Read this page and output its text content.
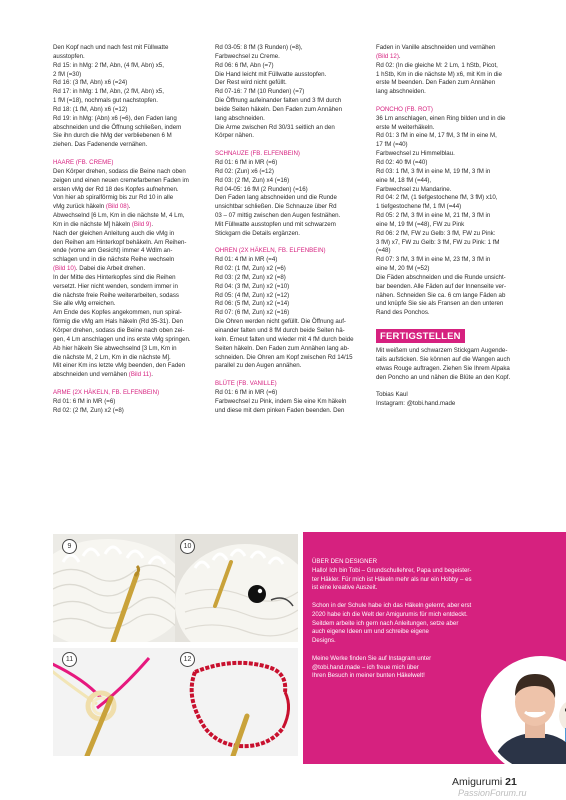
Den Kopf nach und nach fest mit Füllwatte

ausstopfen.

Rd 15: in hMg: 2 fM, Abn, (4 fM, Abn) x5,

2 fM (=30)

Rd 16: (3 fM, Abn) x6 (=24)

Rd 17: in hMg: 1 fM, Abn, (2 fM, Abn) x5,

1 fM (=18), nochmals gut nachstopfen.

Rd 18: (1 fM, Abn) x6 (=12)

Rd 19: in hMg: (Abn) x6 (=6), den Faden lang

abschneiden und die Öffnung schließen, indem

Sie ihn durch die hMg der verbliebenen 6 M

ziehen. Das Fadenende vernähen.

HAARE (FB. CREME)

Den Körper drehen, sodass die Beine nach oben

zeigen und einen neuen cremefarbenen Faden im

ersten vMg der Rd 18 des Kopfes aufnehmen.

Von hier ab spiralförmig bis zur Rd 10 in alle

vMg zurück häkeln (Bild 08).

Abwechselnd [6 Lm, Km in die nächste M, 4 Lm,

Km in die nächste M] häkeln (Bild 9).

Nach der gleichen Anleitung auch die vMg in

den Reihen am Hinterkopf behäkeln. Am Reihen-

ende (vorne am Gesicht) immer 4 Wdlm an-

schlagen und in die nächste Reihe wechseln

(Bild 10). Dabei die Arbeit drehen.

In der Mitte des Hinterkopfes sind die Reihen

versetzt. Hier nicht wenden, sondern immer in

die nächste freie Reihe weiterarbeiten, sodass

Sie alle vMg erreichen.

Am Ende des Kopfes angekommen, nun spiral-

förmig die vMg am Hals häkeln (Rd 35-31). Den

Körper drehen, sodass die Beine nach oben zei-

gen, 4 Lm anschlagen und ins erste vMg springen.

Ab hier häkeln Sie abwechselnd [3 Lm, Km in

die nächste M, 2 Lm, Km in die nächste M].

Mit einer Km ins letzte vMg beenden, den Faden

abschneiden und vernähen (Bild 11).

ARME (2X HÄKELN, FB. ELFENBEIN)

Rd 01: 6 fM in MR (=6)

Rd 02: (2 fM, Zun) x2 (=8)

Rd 03-05: 8 fM (3 Runden) (=8),

Farbwechsel zu Creme.

Rd 06: 6 fM, Abn (=7)

Die Hand leicht mit Füllwatte ausstopfen.

Der Rest wird nicht gefüllt.

Rd 07-16: 7 fM (10 Runden) (=7)

Die Öffnung aufeinander falten und 3 fM durch

beide Seiten häkeln. Den Faden zum Annähen

lang abschneiden.

Die Arme zwischen Rd 30/31 seitlich an den

Körper nähen.

SCHNAUZE (FB. ELFENBEIN)

Rd 01: 6 fM in MR (=6)

Rd 02: (Zun) x6 (=12)

Rd 03: (2 fM, Zun) x4 (=16)

Rd 04-05: 16 fM (2 Runden) (=16)

Den Faden lang abschneiden und die Runde

unsichtbar schließen. Die Schnauze über Rd

03 – 07 mittig zwischen den Augen festnähen.

Mit Füllwatte ausstopfen und mit schwarzem

Stickgarn die Details ergänzen.

OHREN (2X HÄKELN, FB. ELFENBEIN)

Rd 01: 4 fM in MR (=4)

Rd 02: (1 fM, Zun) x2 (=6)

Rd 03: (2 fM, Zun) x2 (=8)

Rd 04: (3 fM, Zun) x2 (=10)

Rd 05: (4 fM, Zun) x2 (=12)

Rd 06: (5 fM, Zun) x2 (=14)

Rd 07: (6 fM, Zun) x2 (=16)

Die Ohren werden nicht gefüllt. Die Öffnung auf-

einander falten und 8 fM durch beide Seiten hä-

keln. Erneut falten und wieder mit 4 fM durch beide

Seiten häkeln. Den Faden zum Annähen lang ab-

schneiden. Die Ohren am Kopf zwischen Rd 14/15

parallel zu den Augen annähen.

BLÜTE (FB. VANILLE)

Rd 01: 6 fM in MR (=6)

Farbwechsel zu Pink, indem Sie eine Km häkeln

und diese mit dem pinken Faden beenden. Den

Faden in Vanille abschneiden und vernähen

(Bild 12).

Rd 02: (In die gleiche M: 2 Lm, 1 hStb, Picot,

1 hStb, Km in die nächste M) x6, mit Km in die

erste M beenden. Den Faden zum Annähen

lang abschneiden.

PONCHO (FB. ROT)

36 Lm anschlagen, einen Ring bilden und in die

erste M weiterhäkeln.

Rd 01: 3 fM in eine M, 17 fM, 3 fM in eine M,

17 fM (=40)

Farbwechsel zu Himmelblau.

Rd 02: 40 fM (=40)

Rd 03: 1 fM, 3 fM in eine M, 19 fM, 3 fM in

eine M, 18 fM (=44),

Farbwechsel zu Mandarine.

Rd 04: 2 fM, (1 tiefgestochene fM, 3 fM) x10,

1 tiefgestochene fM, 1 fM (=44)

Rd 05: 2 fM, 3 fM in eine M, 21 fM, 3 fM in

eine M, 19 fM (=48), FW zu Pink

Rd 06: 2 fM, FW zu Gelb: 3 fM, FW zu Pink:

3 fM) x7, FW zu Gelb: 3 fM, FW zu Pink: 1 fM

(=48)

Rd 07: 3 fM, 3 fM in eine M, 23 fM, 3 fM in

eine M, 20 fM (=52)

Die Fäden abschneiden und die Runde unsicht-

bar beenden. Alle Fäden auf der Innenseite ver-

nähen. Schneiden Sie ca. 6 cm lange Fäden ab

und knüpfe Sie sie als Fransen an den unteren

Rand des Ponchos.

FERTIGSTELLEN

Mit weißem und schwarzem Stickgarn Augende-

tails aufsticken. Sie können auf die Wangen auch

etwas Rouge auftragen. Ziehen Sie Ihrem Alpaka

den Poncho an und nähen die Blüte an den Kopf.

Tobias Kaul

Instagram: @tobi.hand.made

9	10
11	12

ÜBER DEN DESIGNER

Hallo! Ich bin Tobi – Grundschullehrer, Papa und begeister-

ter Häkler. Für mich ist Häkeln mehr als nur ein Hobby – es

ist eine kreative Auszeit.

Schon in der Schule habe ich das Häkeln gelernt, aber erst

2020 habe ich die Welt der Amigurumis für mich entdeckt.

Seitdem arbeite ich gern nach Anleitungen, setze aber

auch eigene Ideen um und schreibe eigene

Designs.

Meine Werke finden Sie auf Instagram unter

@tobi.hand.made – ich freue mich über

Ihren Besuch in meiner bunten Häkelwelt!

Amigurumi 21
PassionForum.ru
